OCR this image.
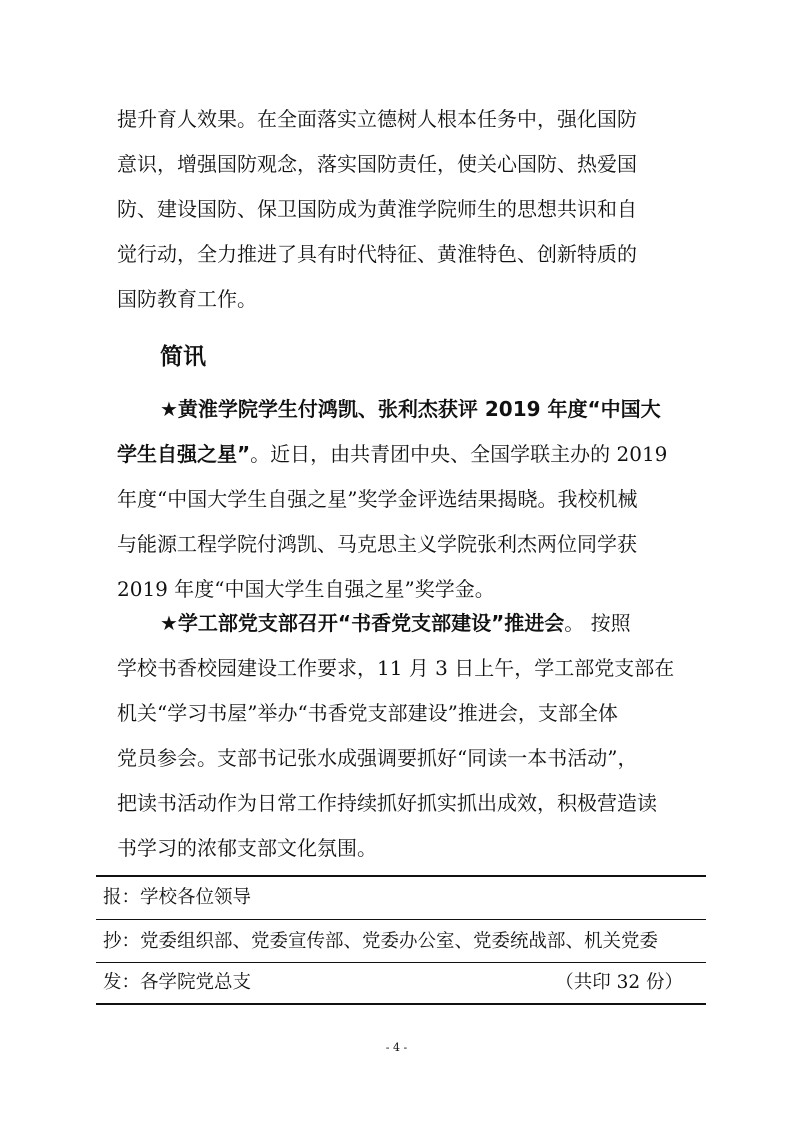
提升育人效果。在全面落实立德树人根本任务中，强化国防
意识，增强国防观念，落实国防责任，使关心国防、热爱国
防、建设国防、保卫国防成为黄淮学院师生的思想共识和自
觉行动，全力推进了具有时代特征、黄淮特色、创新特质的
国防教育工作。
简讯
★黄淮学院学生付鸿凯、张利杰获评 2019 年度“中国大
学生自强之星”。近日，由共青团中央、全国学联主办的 2019
年度“中国大学生自强之星”奖学金评选结果揭晓。我校机械
与能源工程学院付鸿凯、马克思主义学院张利杰两位同学获
2019 年度“中国大学生自强之星”奖学金。
★学工部党支部召开“书香党支部建设”推进会。 按照
学校书香校园建设工作要求，11 月 3 日上午，学工部党支部在
机关“学习书屋”举办“书香党支部建设”推进会，支部全体
党员参会。支部书记张水成强调要抓好“同读一本书活动”，
把读书活动作为日常工作持续抓好抓实抓出成效，积极营造读
书学习的浓郁支部文化氛围。
报：学校各位领导
抄：党委组织部、党委宣传部、党委办公室、党委统战部、机关党委
发：各学院党总支	（共印 32 份）
- 4 -
